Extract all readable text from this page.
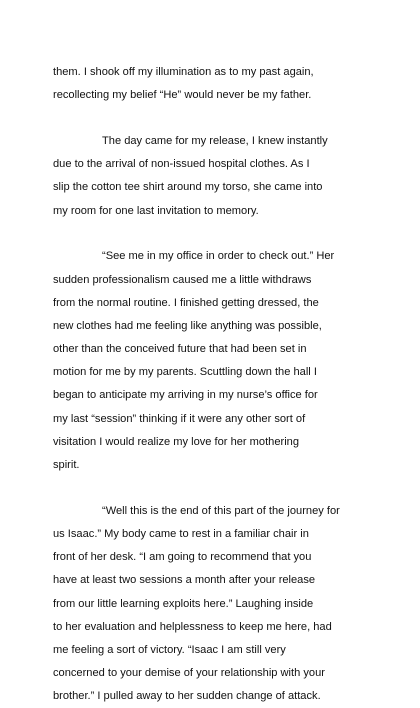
them. I shook off my illumination as to my past again,
recollecting my belief “He” would never be my father.

The day came for my release, I knew instantly
due to the arrival of non-issued hospital clothes. As I
slip the cotton tee shirt around my torso, she came into
my room for one last invitation to memory.

“See me in my office in order to check out.” Her
sudden professionalism caused me a little withdraws
from the normal routine. I finished getting dressed, the
new clothes had me feeling like anything was possible,
other than the conceived future that had been set in
motion for me by my parents. Scuttling down the hall I
began to anticipate my arriving in my nurse’s office for
my last “session” thinking if it were any other sort of
visitation I would realize my love for her mothering
spirit.

“Well this is the end of this part of the journey for
us Isaac.” My body came to rest in a familiar chair in
front of her desk. “I am going to recommend that you
have at least two sessions a month after your release
from our little learning exploits here.” Laughing inside
to her evaluation and helplessness to keep me here, had
me feeling a sort of victory. “Isaac I am still very
concerned to your demise of your relationship with your
brother.” I pulled away to her sudden change of attack.
